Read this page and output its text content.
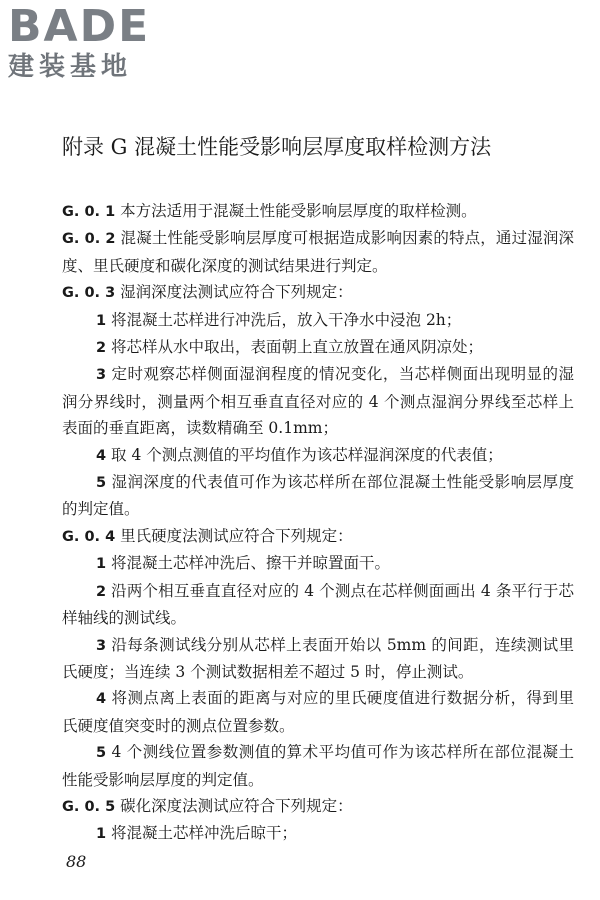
BADE
建装基地
附录 G 混凝土性能受影响层厚度取样检测方法

G. 0. 1 本方法适用于混凝土性能受影响层厚度的取样检测。

G. 0. 2 混凝土性能受影响层厚度可根据造成影响因素的特点，通过湿润深度、里氏硬度和碳化深度的测试结果进行判定。

G. 0. 3 湿润深度法测试应符合下列规定：

1 将混凝土芯样进行冲洗后，放入干净水中浸泡 2h；

2 将芯样从水中取出，表面朝上直立放置在通风阴凉处；

3 定时观察芯样侧面湿润程度的情况变化，当芯样侧面出现明显的湿润分界线时，测量两个相互垂直直径对应的 4 个测点湿润分界线至芯样上表面的垂直距离，读数精确至 0.1mm；

4 取 4 个测点测值的平均值作为该芯样湿润深度的代表值；

5 湿润深度的代表值可作为该芯样所在部位混凝土性能受影响层厚度的判定值。

G. 0. 4 里氏硬度法测试应符合下列规定：

1 将混凝土芯样冲洗后、擦干并晾置面干。

2 沿两个相互垂直直径对应的 4 个测点在芯样侧面画出 4 条平行于芯样轴线的测试线。

3 沿每条测试线分别从芯样上表面开始以 5mm 的间距，连续测试里氏硬度；当连续 3 个测试数据相差不超过 5 时，停止测试。

4 将测点离上表面的距离与对应的里氏硬度值进行数据分析，得到里氏硬度值突变时的测点位置参数。

5 4 个测线位置参数测值的算术平均值可作为该芯样所在部位混凝土性能受影响层厚度的判定值。

G. 0. 5 碳化深度法测试应符合下列规定：

1 将混凝土芯样冲洗后晾干；

88
